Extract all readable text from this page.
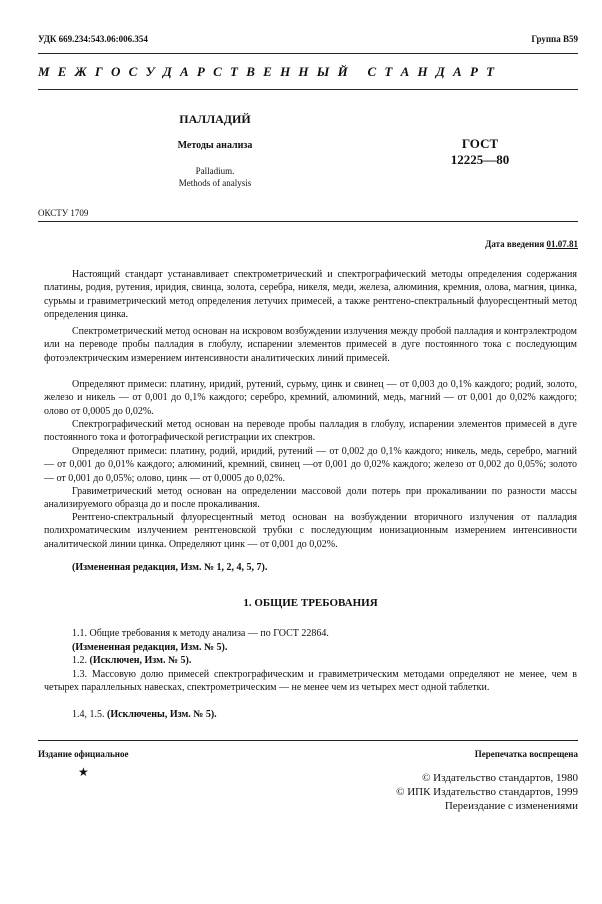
УДК 669.234:543.06:006.354	Группа В59
М Е Ж Г О С У Д А Р С Т В Е Н Н Ы Й   С Т А Н Д А Р Т
ПАЛЛАДИЙ
Методы анализа
Palladium.
Methods of analysis
ГОСТ
12225—80
ОКСТУ 1709
Дата введения 01.07.81
Настоящий стандарт устанавливает спектрометрический и спектрографический методы определения содержания платины, родия, рутения, иридия, свинца, золота, серебра, никеля, меди, железа, алюминия, кремния, олова, магния, цинка, сурьмы и гравиметрический метод определения летучих примесей, а также рентгено-спектральный флуоресцентный метод определения цинка.
Спектрометрический метод основан на искровом возбуждении излучения между пробой палладия и контрэлектродом или на переводе пробы палладия в глобулу, испарении элементов примесей в дуге постоянного тока с последующим фотоэлектрическим измерением интенсивности аналитических линий примесей.
Определяют примеси: платину, иридий, рутений, сурьму, цинк и свинец — от 0,003 до 0,1% каждого; родий, золото, железо и никель — от 0,001 до 0,1% каждого; серебро, кремний, алюминий, медь, магний — от 0,001 до 0,02% каждого; олово от 0,0005 до 0,02%.
Спектрографический метод основан на переводе пробы палладия в глобулу, испарении элементов примесей в дуге постоянного тока и фотографической регистрации их спектров.
Определяют примеси: платину, родий, иридий, рутений — от 0,002 до 0,1% каждого; никель, медь, серебро, магний — от 0,001 до 0,01% каждого; алюминий, кремний, свинец —от 0,001 до 0,02% каждого; железо от 0,002 до 0,05%; золото — от 0,001 до 0,05%; олово, цинк — от 0,0005 до 0,02%.
Гравиметрический метод основан на определении массовой доли потерь при прокаливании по разности массы анализируемого образца до и после прокаливания.
Рентгено-спектральный флуоресцентный метод основан на возбуждении вторичного излучения от палладия полихроматическим излучением рентгеновской трубки с последующим ионизационным измерением интенсивности аналитической линии цинка. Определяют цинк — от 0,001 до 0,02%.
(Измененная редакция, Изм. № 1, 2, 4, 5, 7).
1. ОБЩИЕ ТРЕБОВАНИЯ
1.1. Общие требования к методу анализа — по ГОСТ 22864.
(Измененная редакция, Изм. № 5).
1.2. (Исключен, Изм. № 5).
1.3. Массовую долю примесей спектрографическим и гравиметрическим методами определяют не менее, чем в четырех параллельных навесках, спектрометрическим — не менее чем из четырех мест одной таблетки.
1.4, 1.5. (Исключены, Изм. № 5).
Издание официальное	Перепечатка воспрещена
★	© Издательство стандартов, 1980
© ИПК Издательство стандартов, 1999
Переиздание с изменениями
